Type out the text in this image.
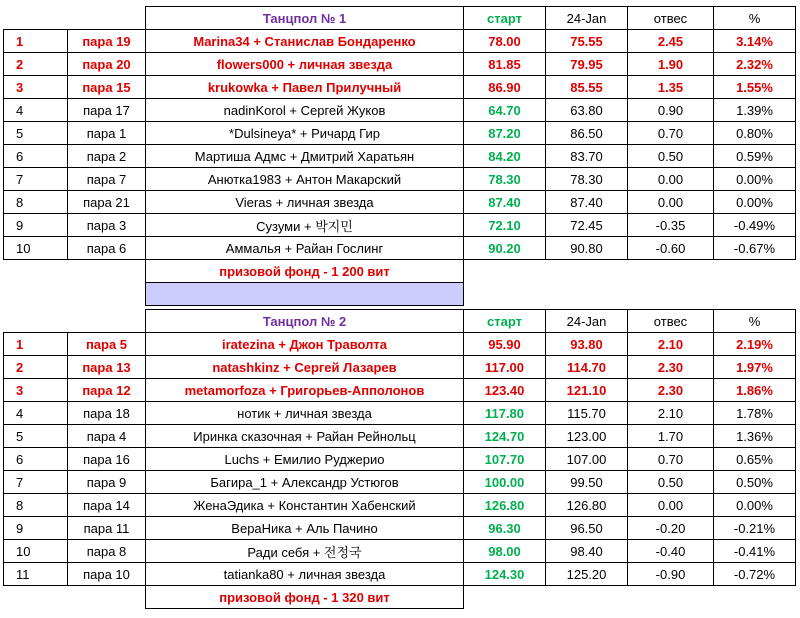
		Танцпол № 1	старт	24-Jan	отвес	%
1	пара 19	Marina34 + Станислав Бондаренко	78.00	75.55	2.45	3.14%
2	пара 20	flowers000 + личная звезда	81.85	79.95	1.90	2.32%
3	пара 15	krukowka + Павел Прилучный	86.90	85.55	1.35	1.55%
4	пара 17	nadinKorol + Сергей Жуков	64.70	63.80	0.90	1.39%
5	пара 1	*Dulsineya* + Ричард Гир	87.20	86.50	0.70	0.80%
6	пара 2	Мартиша Адмс + Дмитрий Харатьян	84.20	83.70	0.50	0.59%
7	пара 7	Анютка1983 + Антон Макарский	78.30	78.30	0.00	0.00%
8	пара 21	Vieras + личная звезда	87.40	87.40	0.00	0.00%
9	пара 3	Сузуми + 박지민	72.10	72.45	-0.35	-0.49%
10	пара 6	Аммалья + Райан Гослинг	90.20	90.80	-0.60	-0.67%
		призовой фонд - 1 200 вит				

		Танцпол № 2	старт	24-Jan	отвес	%
1	пара 5	iratezina + Джон Траволта	95.90	93.80	2.10	2.19%
2	пара 13	natashkinz + Сергей Лазарев	117.00	114.70	2.30	1.97%
3	пара 12	metamorfoza + Григорьев-Апполонов	123.40	121.10	2.30	1.86%
4	пара 18	нотик + личная звезда	117.80	115.70	2.10	1.78%
5	пара 4	Иринка сказочная + Райан Рейнольц	124.70	123.00	1.70	1.36%
6	пара 16	Luchs + Емилио Руджерио	107.70	107.00	0.70	0.65%
7	пара 9	Багира_1 + Александр Устюгов	100.00	99.50	0.50	0.50%
8	пара 14	ЖенаЭдика + Константин Хабенский	126.80	126.80	0.00	0.00%
9	пара 11	ВераНика + Аль Пачино	96.30	96.50	-0.20	-0.21%
10	пара 8	Ради себя + 전정국	98.00	98.40	-0.40	-0.41%
11	пара 10	tatianka80 + личная звезда	124.30	125.20	-0.90	-0.72%
		призовой фонд - 1 320 вит				
